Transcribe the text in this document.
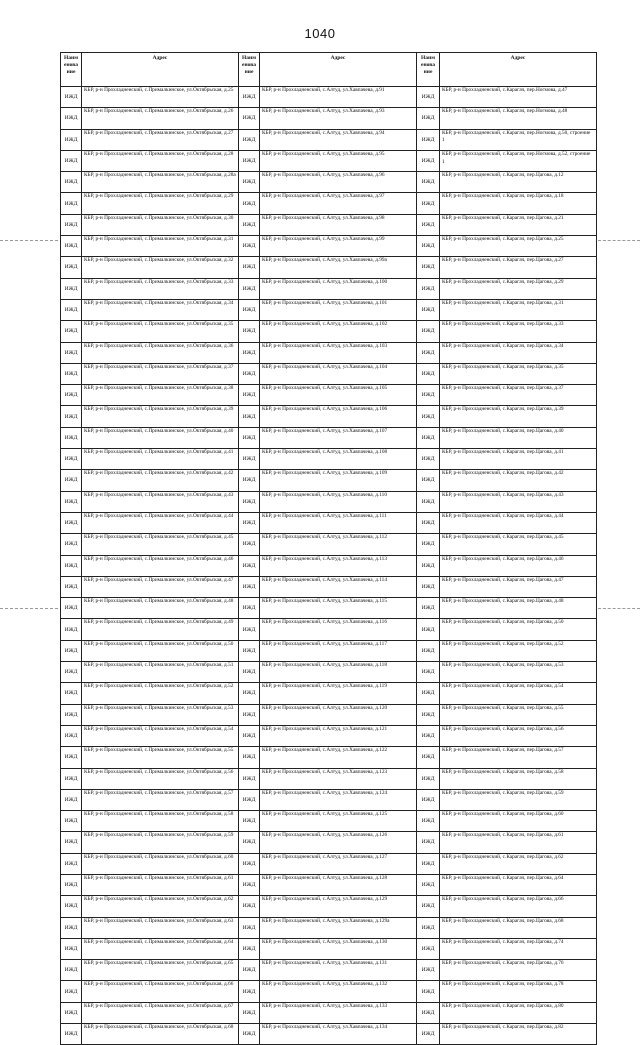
1040
Наим енова ние	Адрес	Наим енова ние	Адрес	Наим енова ние	Адрес
ИЖД	КБР, р-н Прохладненский, с.Прималкинское, ул.Октябрьская, д.25	ИЖД	КБР, р-н Прохладненский, с.Алтуд, ул.Хавпачева, д.91	ИЖД	КБР, р-н Прохладненский, с.Карагач, пер.Ногмова, д.47
ИЖД	КБР, р-н Прохладненский, с.Прималкинское, ул.Октябрьская, д.26	ИЖД	КБР, р-н Прохладненский, с.Алтуд, ул.Хавпачева, д.93	ИЖД	КБР, р-н Прохладненский, с.Карагач, пер.Ногмова, д.48
ИЖД	КБР, р-н Прохладненский, с.Прималкинское, ул.Октябрьская, д.27	ИЖД	КБР, р-н Прохладненский, с.Алтуд, ул.Хавпачева, д.94	ИЖД	КБР, р-н Прохладненский, с.Карагач, пер.Ногмова, д.50, строение 1
ИЖД	КБР, р-н Прохладненский, с.Прималкинское, ул.Октябрьская, д.28	ИЖД	КБР, р-н Прохладненский, с.Алтуд, ул.Хавпачева, д.95	ИЖД	КБР, р-н Прохладненский, с.Карагач, пер.Ногмова, д.52, строение 1
ИЖД	КБР, р-н Прохладненский, с.Прималкинское, ул.Октябрьская, д.28а	ИЖД	КБР, р-н Прохладненский, с.Алтуд, ул.Хавпачева, д.96	ИЖД	КБР, р-н Прохладненский, с.Карагач, пер.Цагова, д.12
ИЖД	КБР, р-н Прохладненский, с.Прималкинское, ул.Октябрьская, д.29	ИЖД	КБР, р-н Прохладненский, с.Алтуд, ул.Хавпачева, д.97	ИЖД	КБР, р-н Прохладненский, с.Карагач, пер.Цагова, д.18
ИЖД	КБР, р-н Прохладненский, с.Прималкинское, ул.Октябрьская, д.30	ИЖД	КБР, р-н Прохладненский, с.Алтуд, ул.Хавпачева, д.98	ИЖД	КБР, р-н Прохладненский, с.Карагач, пер.Цагова, д.21
ИЖД	КБР, р-н Прохладненский, с.Прималкинское, ул.Октябрьская, д.31	ИЖД	КБР, р-н Прохладненский, с.Алтуд, ул.Хавпачева, д.99	ИЖД	КБР, р-н Прохладненский, с.Карагач, пер.Цагова, д.25
ИЖД	КБР, р-н Прохладненский, с.Прималкинское, ул.Октябрьская, д.32	ИЖД	КБР, р-н Прохладненский, с.Алтуд, ул.Хавпачева, д.99а	ИЖД	КБР, р-н Прохладненский, с.Карагач, пер.Цагова, д.27
ИЖД	КБР, р-н Прохладненский, с.Прималкинское, ул.Октябрьская, д.33	ИЖД	КБР, р-н Прохладненский, с.Алтуд, ул.Хавпачева, д.100	ИЖД	КБР, р-н Прохладненский, с.Карагач, пер.Цагова, д.29
ИЖД	КБР, р-н Прохладненский, с.Прималкинское, ул.Октябрьская, д.34	ИЖД	КБР, р-н Прохладненский, с.Алтуд, ул.Хавпачева, д.101	ИЖД	КБР, р-н Прохладненский, с.Карагач, пер.Цагова, д.31
ИЖД	КБР, р-н Прохладненский, с.Прималкинское, ул.Октябрьская, д.35	ИЖД	КБР, р-н Прохладненский, с.Алтуд, ул.Хавпачева, д.102	ИЖД	КБР, р-н Прохладненский, с.Карагач, пер.Цагова, д.33
ИЖД	КБР, р-н Прохладненский, с.Прималкинское, ул.Октябрьская, д.36	ИЖД	КБР, р-н Прохладненский, с.Алтуд, ул.Хавпачева, д.103	ИЖД	КБР, р-н Прохладненский, с.Карагач, пер.Цагова, д.34
ИЖД	КБР, р-н Прохладненский, с.Прималкинское, ул.Октябрьская, д.37	ИЖД	КБР, р-н Прохладненский, с.Алтуд, ул.Хавпачева, д.104	ИЖД	КБР, р-н Прохладненский, с.Карагач, пер.Цагова, д.35
ИЖД	КБР, р-н Прохладненский, с.Прималкинское, ул.Октябрьская, д.38	ИЖД	КБР, р-н Прохладненский, с.Алтуд, ул.Хавпачева, д.105	ИЖД	КБР, р-н Прохладненский, с.Карагач, пер.Цагова, д.37
ИЖД	КБР, р-н Прохладненский, с.Прималкинское, ул.Октябрьская, д.39	ИЖД	КБР, р-н Прохладненский, с.Алтуд, ул.Хавпачева, д.106	ИЖД	КБР, р-н Прохладненский, с.Карагач, пер.Цагова, д.39
ИЖД	КБР, р-н Прохладненский, с.Прималкинское, ул.Октябрьская, д.40	ИЖД	КБР, р-н Прохладненский, с.Алтуд, ул.Хавпачева, д.107	ИЖД	КБР, р-н Прохладненский, с.Карагач, пер.Цагова, д.40
ИЖД	КБР, р-н Прохладненский, с.Прималкинское, ул.Октябрьская, д.41	ИЖД	КБР, р-н Прохладненский, с.Алтуд, ул.Хавпачева, д.108	ИЖД	КБР, р-н Прохладненский, с.Карагач, пер.Цагова, д.41
ИЖД	КБР, р-н Прохладненский, с.Прималкинское, ул.Октябрьская, д.42	ИЖД	КБР, р-н Прохладненский, с.Алтуд, ул.Хавпачева, д.109	ИЖД	КБР, р-н Прохладненский, с.Карагач, пер.Цагова, д.42
ИЖД	КБР, р-н Прохладненский, с.Прималкинское, ул.Октябрьская, д.43	ИЖД	КБР, р-н Прохладненский, с.Алтуд, ул.Хавпачева, д.110	ИЖД	КБР, р-н Прохладненский, с.Карагач, пер.Цагова, д.43
ИЖД	КБР, р-н Прохладненский, с.Прималкинское, ул.Октябрьская, д.44	ИЖД	КБР, р-н Прохладненский, с.Алтуд, ул.Хавпачева, д.111	ИЖД	КБР, р-н Прохладненский, с.Карагач, пер.Цагова, д.44
ИЖД	КБР, р-н Прохладненский, с.Прималкинское, ул.Октябрьская, д.45	ИЖД	КБР, р-н Прохладненский, с.Алтуд, ул.Хавпачева, д.112	ИЖД	КБР, р-н Прохладненский, с.Карагач, пер.Цагова, д.45
ИЖД	КБР, р-н Прохладненский, с.Прималкинское, ул.Октябрьская, д.46	ИЖД	КБР, р-н Прохладненский, с.Алтуд, ул.Хавпачева, д.113	ИЖД	КБР, р-н Прохладненский, с.Карагач, пер.Цагова, д.46
ИЖД	КБР, р-н Прохладненский, с.Прималкинское, ул.Октябрьская, д.47	ИЖД	КБР, р-н Прохладненский, с.Алтуд, ул.Хавпачева, д.114	ИЖД	КБР, р-н Прохладненский, с.Карагач, пер.Цагова, д.47
ИЖД	КБР, р-н Прохладненский, с.Прималкинское, ул.Октябрьская, д.48	ИЖД	КБР, р-н Прохладненский, с.Алтуд, ул.Хавпачева, д.115	ИЖД	КБР, р-н Прохладненский, с.Карагач, пер.Цагова, д.48
ИЖД	КБР, р-н Прохладненский, с.Прималкинское, ул.Октябрьская, д.49	ИЖД	КБР, р-н Прохладненский, с.Алтуд, ул.Хавпачева, д.116	ИЖД	КБР, р-н Прохладненский, с.Карагач, пер.Цагова, д.50
ИЖД	КБР, р-н Прохладненский, с.Прималкинское, ул.Октябрьская, д.50	ИЖД	КБР, р-н Прохладненский, с.Алтуд, ул.Хавпачева, д.117	ИЖД	КБР, р-н Прохладненский, с.Карагач, пер.Цагова, д.52
ИЖД	КБР, р-н Прохладненский, с.Прималкинское, ул.Октябрьская, д.51	ИЖД	КБР, р-н Прохладненский, с.Алтуд, ул.Хавпачева, д.118	ИЖД	КБР, р-н Прохладненский, с.Карагач, пер.Цагова, д.53
ИЖД	КБР, р-н Прохладненский, с.Прималкинское, ул.Октябрьская, д.52	ИЖД	КБР, р-н Прохладненский, с.Алтуд, ул.Хавпачева, д.119	ИЖД	КБР, р-н Прохладненский, с.Карагач, пер.Цагова, д.54
ИЖД	КБР, р-н Прохладненский, с.Прималкинское, ул.Октябрьская, д.53	ИЖД	КБР, р-н Прохладненский, с.Алтуд, ул.Хавпачева, д.120	ИЖД	КБР, р-н Прохладненский, с.Карагач, пер.Цагова, д.55
ИЖД	КБР, р-н Прохладненский, с.Прималкинское, ул.Октябрьская, д.54	ИЖД	КБР, р-н Прохладненский, с.Алтуд, ул.Хавпачева, д.121	ИЖД	КБР, р-н Прохладненский, с.Карагач, пер.Цагова, д.56
ИЖД	КБР, р-н Прохладненский, с.Прималкинское, ул.Октябрьская, д.55	ИЖД	КБР, р-н Прохладненский, с.Алтуд, ул.Хавпачева, д.122	ИЖД	КБР, р-н Прохладненский, с.Карагач, пер.Цагова, д.57
ИЖД	КБР, р-н Прохладненский, с.Прималкинское, ул.Октябрьская, д.56	ИЖД	КБР, р-н Прохладненский, с.Алтуд, ул.Хавпачева, д.123	ИЖД	КБР, р-н Прохладненский, с.Карагач, пер.Цагова, д.58
ИЖД	КБР, р-н Прохладненский, с.Прималкинское, ул.Октябрьская, д.57	ИЖД	КБР, р-н Прохладненский, с.Алтуд, ул.Хавпачева, д.124	ИЖД	КБР, р-н Прохладненский, с.Карагач, пер.Цагова, д.59
ИЖД	КБР, р-н Прохладненский, с.Прималкинское, ул.Октябрьская, д.58	ИЖД	КБР, р-н Прохладненский, с.Алтуд, ул.Хавпачева, д.125	ИЖД	КБР, р-н Прохладненский, с.Карагач, пер.Цагова, д.60
ИЖД	КБР, р-н Прохладненский, с.Прималкинское, ул.Октябрьская, д.59	ИЖД	КБР, р-н Прохладненский, с.Алтуд, ул.Хавпачева, д.126	ИЖД	КБР, р-н Прохладненский, с.Карагач, пер.Цагова, д.61
ИЖД	КБР, р-н Прохладненский, с.Прималкинское, ул.Октябрьская, д.60	ИЖД	КБР, р-н Прохладненский, с.Алтуд, ул.Хавпачева, д.127	ИЖД	КБР, р-н Прохладненский, с.Карагач, пер.Цагова, д.62
ИЖД	КБР, р-н Прохладненский, с.Прималкинское, ул.Октябрьская, д.61	ИЖД	КБР, р-н Прохладненский, с.Алтуд, ул.Хавпачева, д.128	ИЖД	КБР, р-н Прохладненский, с.Карагач, пер.Цагова, д.64
ИЖД	КБР, р-н Прохладненский, с.Прималкинское, ул.Октябрьская, д.62	ИЖД	КБР, р-н Прохладненский, с.Алтуд, ул.Хавпачева, д.129	ИЖД	КБР, р-н Прохладненский, с.Карагач, пер.Цагова, д.66
ИЖД	КБР, р-н Прохладненский, с.Прималкинское, ул.Октябрьская, д.63	ИЖД	КБР, р-н Прохладненский, с.Алтуд, ул.Хавпачева, д.129а	ИЖД	КБР, р-н Прохладненский, с.Карагач, пер.Цагова, д.68
ИЖД	КБР, р-н Прохладненский, с.Прималкинское, ул.Октябрьская, д.64	ИЖД	КБР, р-н Прохладненский, с.Алтуд, ул.Хавпачева, д.130	ИЖД	КБР, р-н Прохладненский, с.Карагач, пер.Цагова, д.74
ИЖД	КБР, р-н Прохладненский, с.Прималкинское, ул.Октябрьская, д.65	ИЖД	КБР, р-н Прохладненский, с.Алтуд, ул.Хавпачева, д.131	ИЖД	КБР, р-н Прохладненский, с.Карагач, пер.Цагова, д.76
ИЖД	КБР, р-н Прохладненский, с.Прималкинское, ул.Октябрьская, д.66	ИЖД	КБР, р-н Прохладненский, с.Алтуд, ул.Хавпачева, д.132	ИЖД	КБР, р-н Прохладненский, с.Карагач, пер.Цагова, д.78
ИЖД	КБР, р-н Прохладненский, с.Прималкинское, ул.Октябрьская, д.67	ИЖД	КБР, р-н Прохладненский, с.Алтуд, ул.Хавпачева, д.133	ИЖД	КБР, р-н Прохладненский, с.Карагач, пер.Цагова, д.80
ИЖД	КБР, р-н Прохладненский, с.Прималкинское, ул.Октябрьская, д.68	ИЖД	КБР, р-н Прохладненский, с.Алтуд, ул.Хавпачева, д.134	ИЖД	КБР, р-н Прохладненский, с.Карагач, пер.Цагова, д.82
